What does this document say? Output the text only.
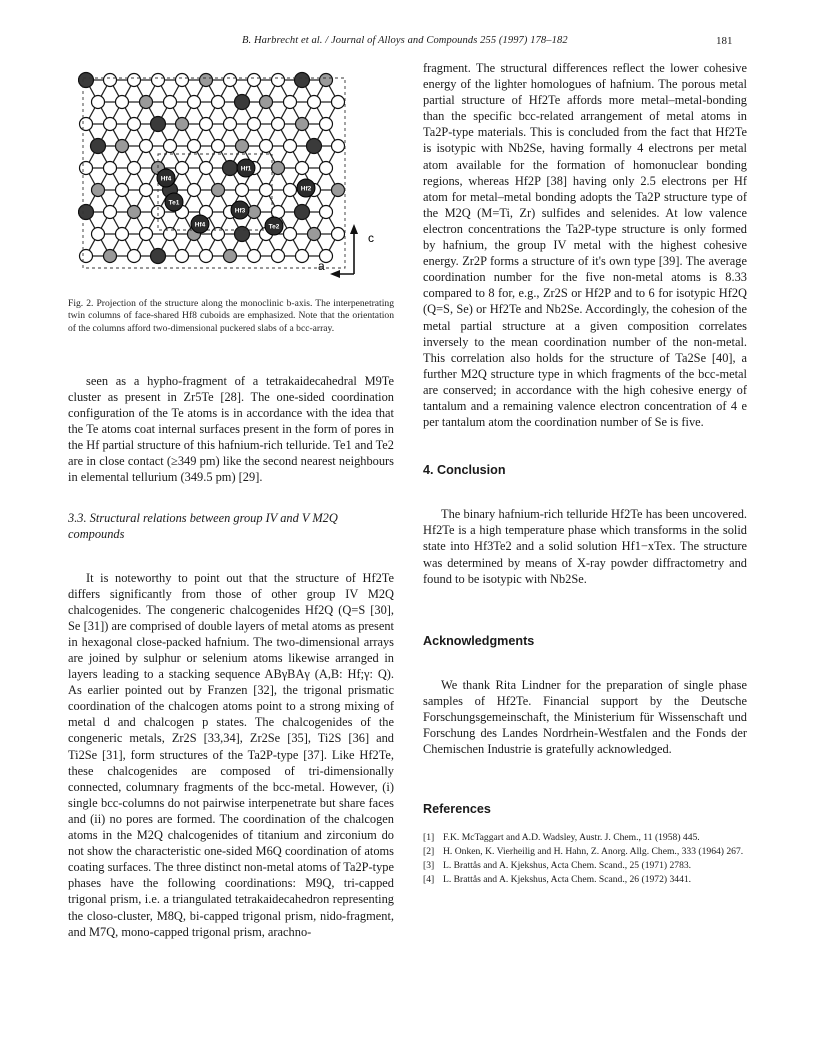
B. Harbrecht et al. / Journal of Alloys and Compounds 255 (1997) 178–182	181
Hf1
Hf2
Hf3
Te1
Hf4	Te2
Hf4
c
a

Fig. 2. Projection of the structure along the monoclinic b-axis. The interpenetrating twin columns of face-shared Hf8 cuboids are emphasized. Note that the orientation of the columns afford two-dimensional puckered slabs of a bcc-array.

seen as a hypho-fragment of a tetrakaidecahedral M9Te cluster as present in Zr5Te [28]. The one-sided coordination configuration of the Te atoms is in accordance with the idea that the Te atoms coat internal surfaces present in the form of pores in the Hf partial structure of this hafnium-rich telluride. Te1 and Te2 are in close contact (≥349 pm) like the second nearest neighbours in elemental tellurium (349.5 pm) [29].

3.3. Structural relations between group IV and V M2Q compounds

It is noteworthy to point out that the structure of Hf2Te differs significantly from those of other group IV M2Q chalcogenides. The congeneric chalcogenides Hf2Q (Q=S [30], Se [31]) are comprised of double layers of metal atoms as present in hexagonal close-packed hafnium. The two-dimensional arrays are joined by sulphur or selenium atoms likewise arranged in layers leading to a stacking sequence ABγBAγ (A,B: Hf;γ: Q). As earlier pointed out by Franzen [32], the trigonal prismatic coordination of the chalcogen atoms point to a strong mixing of metal d and chalcogen p states. The chalcogenides of the congeneric metals, Zr2S [33,34], Zr2Se [35], Ti2S [36] and Ti2Se [31], form structures of the Ta2P-type [37]. Like Hf2Te, these chalcogenides are composed of tri-dimensionally connected, columnary fragments of the bcc-metal. However, (i) single bcc-columns do not pairwise interpenetrate but share faces and (ii) no pores are formed. The coordination of the chalcogen atoms in the M2Q chalcogenides of titanium and zirconium do not show the characteristic one-sided M6Q coordination of atoms coating surfaces. The three distinct non-metal atoms of Ta2P-type phases have the following coordinations: M9Q, tri-capped trigonal prism, i.e. a triangulated tetrakaidecahedron representing the closo-cluster, M8Q, bi-capped trigonal prism, nido-fragment, and M7Q, mono-capped trigonal prism, arachno-

fragment. The structural differences reflect the lower cohesive energy of the lighter homologues of hafnium. The porous metal partial structure of Hf2Te affords more metal–metal-bonding than the specific bcc-related arrangement of metal atoms in Ta2P-type materials. This is concluded from the fact that Hf2Te is isotypic with Nb2Se, having formally 4 electrons per metal atom available for the formation of homonuclear bonding regions, whereas Hf2P [38] having only 2.5 electrons per Hf atom for metal–metal bonding adopts the Ta2P structure type of the M2Q (M=Ti, Zr) sulfides and selenides. At low valence electron concentrations the Ta2P-type structure is only formed by hafnium, the group IV metal with the highest cohesive energy. Zr2P forms a structure of it's own type [39]. The average coordination number for the five non-metal atoms is 8.33 compared to 8 for, e.g., Zr2S or Hf2P and to 6 for isotypic Hf2Q (Q=S, Se) or Hf2Te and Nb2Se. Accordingly, the cohesion of the metal partial structure at a given composition correlates inversely to the mean coordination number of the non-metal. This correlation also holds for the structure of Ta2Se [40], a further M2Q structure type in which fragments of the bcc-metal are conserved; in accordance with the high cohesive energy of tantalum and a remaining valence electron concentration of 4 e per tantalum atom the coordination number of Se is five.

4. Conclusion

The binary hafnium-rich telluride Hf2Te has been uncovered. Hf2Te is a high temperature phase which transforms in the solid state into Hf3Te2 and a solid solution Hf1−xTex. The structure was determined by means of X-ray powder diffractometry and found to be isotypic with Nb2Se.

Acknowledgments

We thank Rita Lindner for the preparation of single phase samples of Hf2Te. Financial support by the Deutsche Forschungsgemeinschaft, the Ministerium für Wissenschaft und Forschung des Landes Nordrhein-Westfalen and the Fonds der Chemischen Industrie is gratefully acknowledged.

References
[1] F.K. McTaggart and A.D. Wadsley, Austr. J. Chem., 11 (1958) 445.
[2] H. Onken, K. Vierheilig and H. Hahn, Z. Anorg. Allg. Chem., 333 (1964) 267.
[3] L. Brattås and A. Kjekshus, Acta Chem. Scand., 25 (1971) 2783.
[4] L. Brattås and A. Kjekshus, Acta Chem. Scand., 26 (1972) 3441.
